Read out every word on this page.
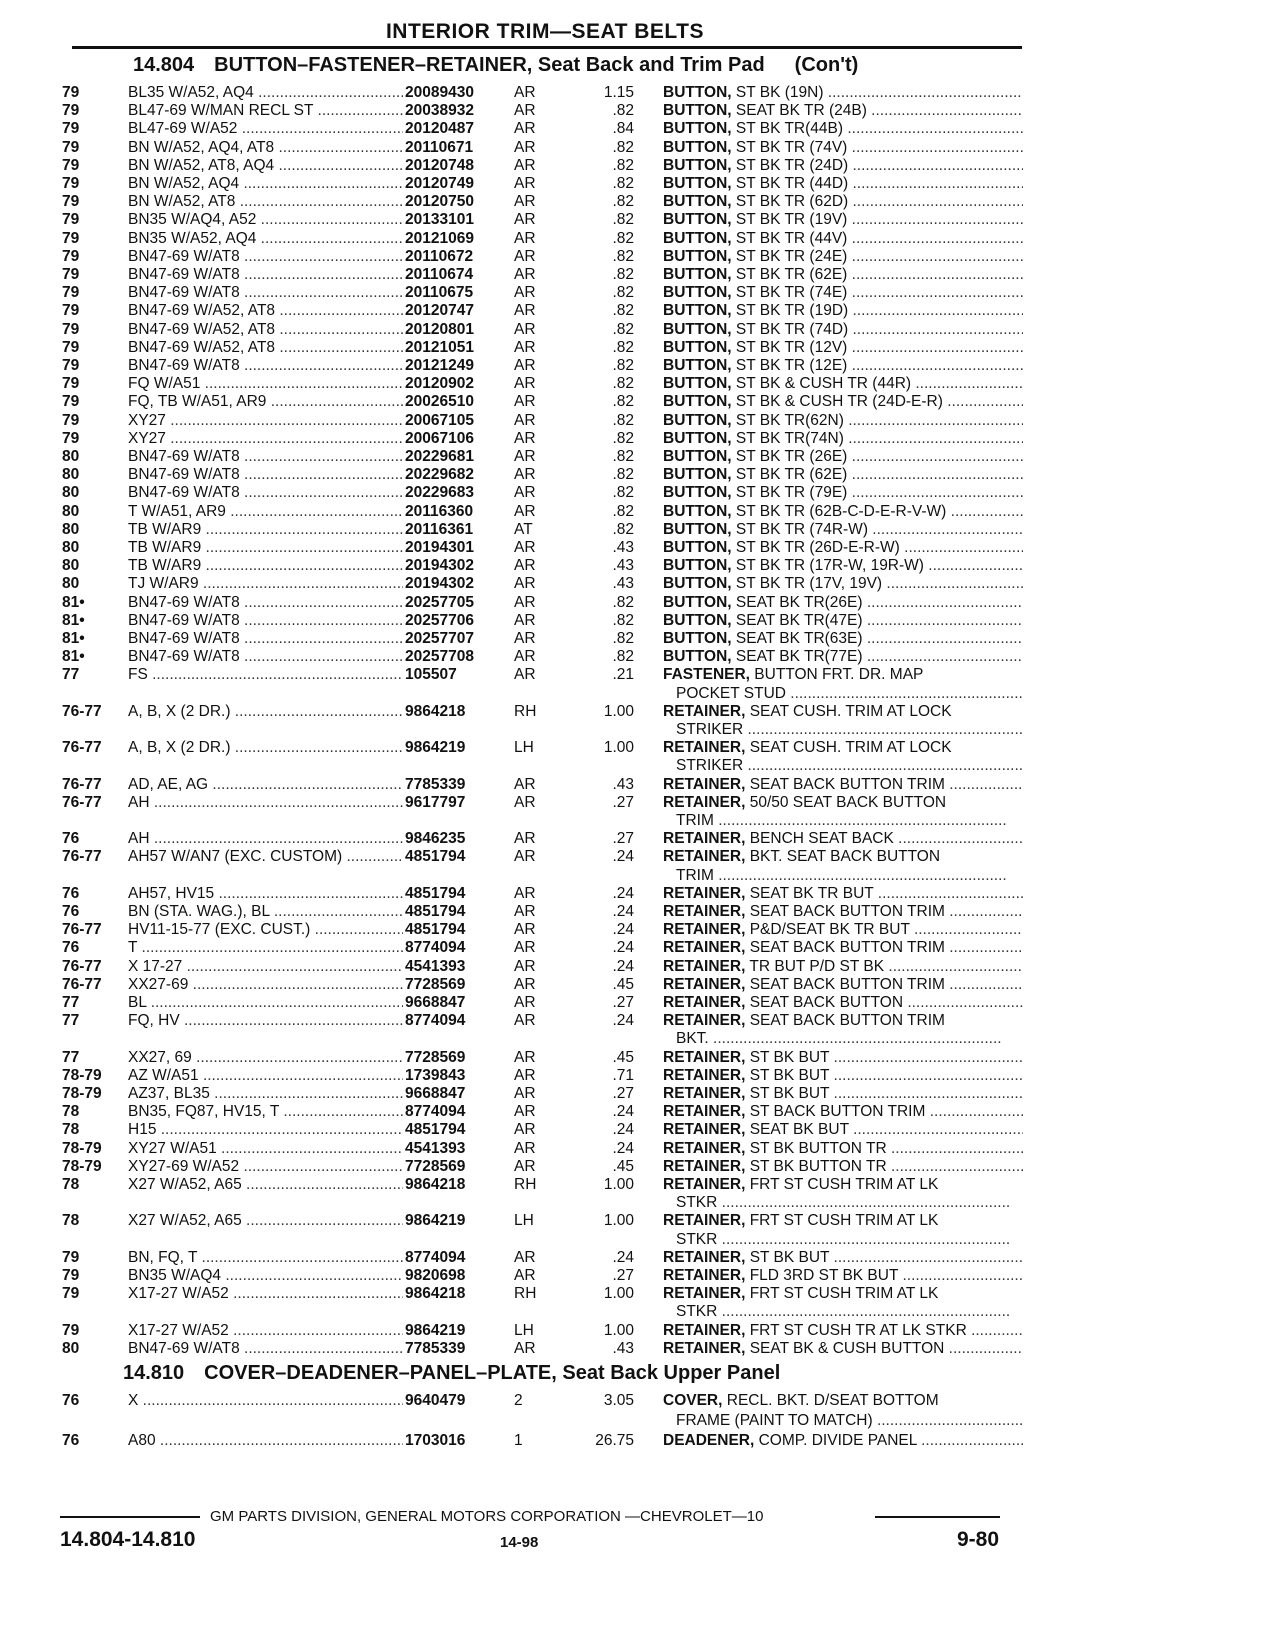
INTERIOR TRIM—SEAT BELTS
14.804 BUTTON–FASTENER–RETAINER, Seat Back and Trim Pad (Con't)
79	BL35 W/A52, AQ4 .....	20089430	AR	1.15 BUTTON, ST BK (19N) .....
79	BL47-69 W/MAN RECL ST .....	20038932	AR	.82 BUTTON, SEAT BK TR (24B) .....
79	BL47-69 W/A52 .....	20120487	AR	.84 BUTTON, ST BK TR(44B) .....
79	BN W/A52, AQ4, AT8 .....	20110671	AR	.82 BUTTON, ST BK TR (74V) .....
79	BN W/A52, AT8, AQ4 .....	20120748	AR	.82 BUTTON, ST BK TR (24D) .....
79	BN W/A52, AQ4 .....	20120749	AR	.82 BUTTON, ST BK TR (44D) .....
79	BN W/A52, AT8 .....	20120750	AR	.82 BUTTON, ST BK TR (62D) .....
79	BN35 W/AQ4, A52 .....	20133101	AR	.82 BUTTON, ST BK TR (19V) .....
79	BN35 W/A52, AQ4 .....	20121069	AR	.82 BUTTON, ST BK TR (44V) .....
79	BN47-69 W/AT8 .....	20110672	AR	.82 BUTTON, ST BK TR (24E) .....
79	BN47-69 W/AT8 .....	20110674	AR	.82 BUTTON, ST BK TR (62E) .....
79	BN47-69 W/AT8 .....	20110675	AR	.82 BUTTON, ST BK TR (74E) .....
79	BN47-69 W/A52, AT8 .....	20120747	AR	.82 BUTTON, ST BK TR (19D) .....
79	BN47-69 W/A52, AT8 .....	20120801	AR	.82 BUTTON, ST BK TR (74D) .....
79	BN47-69 W/A52, AT8 .....	20121051	AR	.82 BUTTON, ST BK TR (12V) .....
79	BN47-69 W/AT8 .....	20121249	AR	.82 BUTTON, ST BK TR (12E) .....
79	FQ W/A51 .....	20120902	AR	.82 BUTTON, ST BK & CUSH TR (44R) .....
79	FQ, TB W/A51, AR9 .....	20026510	AR	.82 BUTTON, ST BK & CUSH TR (24D-E-R) .....
79	XY27 .....	20067105	AR	.82 BUTTON, ST BK TR(62N) .....
79	XY27 .....	20067106	AR	.82 BUTTON, ST BK TR(74N) .....
80	BN47-69 W/AT8 .....	20229681	AR	.82 BUTTON, ST BK TR (26E) .....
80	BN47-69 W/AT8 .....	20229682	AR	.82 BUTTON, ST BK TR (62E) .....
80	BN47-69 W/AT8 .....	20229683	AR	.82 BUTTON, ST BK TR (79E) .....
80	T W/A51, AR9 .....	20116360	AR	.82 BUTTON, ST BK TR (62B-C-D-E-R-V-W) .....
80	TB W/AR9 .....	20116361	AT	.82 BUTTON, ST BK TR (74R-W) .....
80	TB W/AR9 .....	20194301	AR	.43 BUTTON, ST BK TR (26D-E-R-W) .....
80	TB W/AR9 .....	20194302	AR	.43 BUTTON, ST BK TR (17R-W, 19R-W) .....
80	TJ W/AR9 .....	20194302	AR	.43 BUTTON, ST BK TR (17V, 19V) .....
81•	BN47-69 W/AT8 .....	20257705	AR	.82 BUTTON, SEAT BK TR(26E) .....
81•	BN47-69 W/AT8 .....	20257706	AR	.82 BUTTON, SEAT BK TR(47E) .....
81•	BN47-69 W/AT8 .....	20257707	AR	.82 BUTTON, SEAT BK TR(63E) .....
81•	BN47-69 W/AT8 .....	20257708	AR	.82 BUTTON, SEAT BK TR(77E) .....
77	FS .....	105507	AR	.21 FASTENER, BUTTON FRT. DR. MAP
POCKET STUD .....
76-77	A, B, X (2 DR.) .....	9864218	RH	1.00 RETAINER, SEAT CUSH. TRIM AT LOCK
STRIKER .....
76-77	A, B, X (2 DR.) .....	9864219	LH	1.00 RETAINER, SEAT CUSH. TRIM AT LOCK
STRIKER .....
76-77	AD, AE, AG .....	7785339	AR	.43 RETAINER, SEAT BACK BUTTON TRIM .....
76-77	AH .....	9617797	AR	.27 RETAINER, 50/50 SEAT BACK BUTTON
TRIM .....
76	AH .....	9846235	AR	.27 RETAINER, BENCH SEAT BACK .....
76-77	AH57 W/AN7 (EXC. CUSTOM) .....	4851794	AR	.24 RETAINER, BKT. SEAT BACK BUTTON
TRIM .....
76	AH57, HV15 .....	4851794	AR	.24 RETAINER, SEAT BK TR BUT .....
76	BN (STA. WAG.), BL .....	4851794	AR	.24 RETAINER, SEAT BACK BUTTON TRIM .....
76-77	HV11-15-77 (EXC. CUST.) .....	4851794	AR	.24 RETAINER, P&D/SEAT BK TR BUT .....
76	T .....	8774094	AR	.24 RETAINER, SEAT BACK BUTTON TRIM .....
76-77	X 17-27 .....	4541393	AR	.24 RETAINER, TR BUT P/D ST BK .....
76-77	XX27-69 .....	7728569	AR	.45 RETAINER, SEAT BACK BUTTON TRIM .....
77	BL .....	9668847	AR	.27 RETAINER, SEAT BACK BUTTON .....
77	FQ, HV .....	8774094	AR	.24 RETAINER, SEAT BACK BUTTON TRIM
BKT. .....
77	XX27, 69 .....	7728569	AR	.45 RETAINER, ST BK BUT .....
78-79	AZ W/A51 .....	1739843	AR	.71 RETAINER, ST BK BUT .....
78-79	AZ37, BL35 .....	9668847	AR	.27 RETAINER, ST BK BUT .....
78	BN35, FQ87, HV15, T .....	8774094	AR	.24 RETAINER, ST BACK BUTTON TRIM .....
78	H15 .....	4851794	AR	.24 RETAINER, SEAT BK BUT .....
78-79	XY27 W/A51 .....	4541393	AR	.24 RETAINER, ST BK BUTTON TR .....
78-79	XY27-69 W/A52 .....	7728569	AR	.45 RETAINER, ST BK BUTTON TR .....
78	X27 W/A52, A65 .....	9864218	RH	1.00 RETAINER, FRT ST CUSH TRIM AT LK
STKR .....
78	X27 W/A52, A65 .....	9864219	LH	1.00 RETAINER, FRT ST CUSH TRIM AT LK
STKR .....
79	BN, FQ, T .....	8774094	AR	.24 RETAINER, ST BK BUT .....
79	BN35 W/AQ4 .....	9820698	AR	.27 RETAINER, FLD 3RD ST BK BUT .....
79	X17-27 W/A52 .....	9864218	RH	1.00 RETAINER, FRT ST CUSH TRIM AT LK
STKR .....
79	X17-27 W/A52 .....	9864219	LH	1.00 RETAINER, FRT ST CUSH TR AT LK STKR .....
80	BN47-69 W/AT8 .....	7785339	AR	.43 RETAINER, SEAT BK & CUSH BUTTON .....
14.810 COVER–DEADENER–PANEL–PLATE, Seat Back Upper Panel
76	X .....	9640479	2	3.05 COVER, RECL. BKT. D/SEAT BOTTOM
FRAME (PAINT TO MATCH) .....
76	A80 .....	1703016	1	26.75 DEADENER, COMP. DIVIDE PANEL .....
GM PARTS DIVISION, GENERAL MOTORS CORPORATION —CHEVROLET—10
14.804-14.810	14-98	9-80
